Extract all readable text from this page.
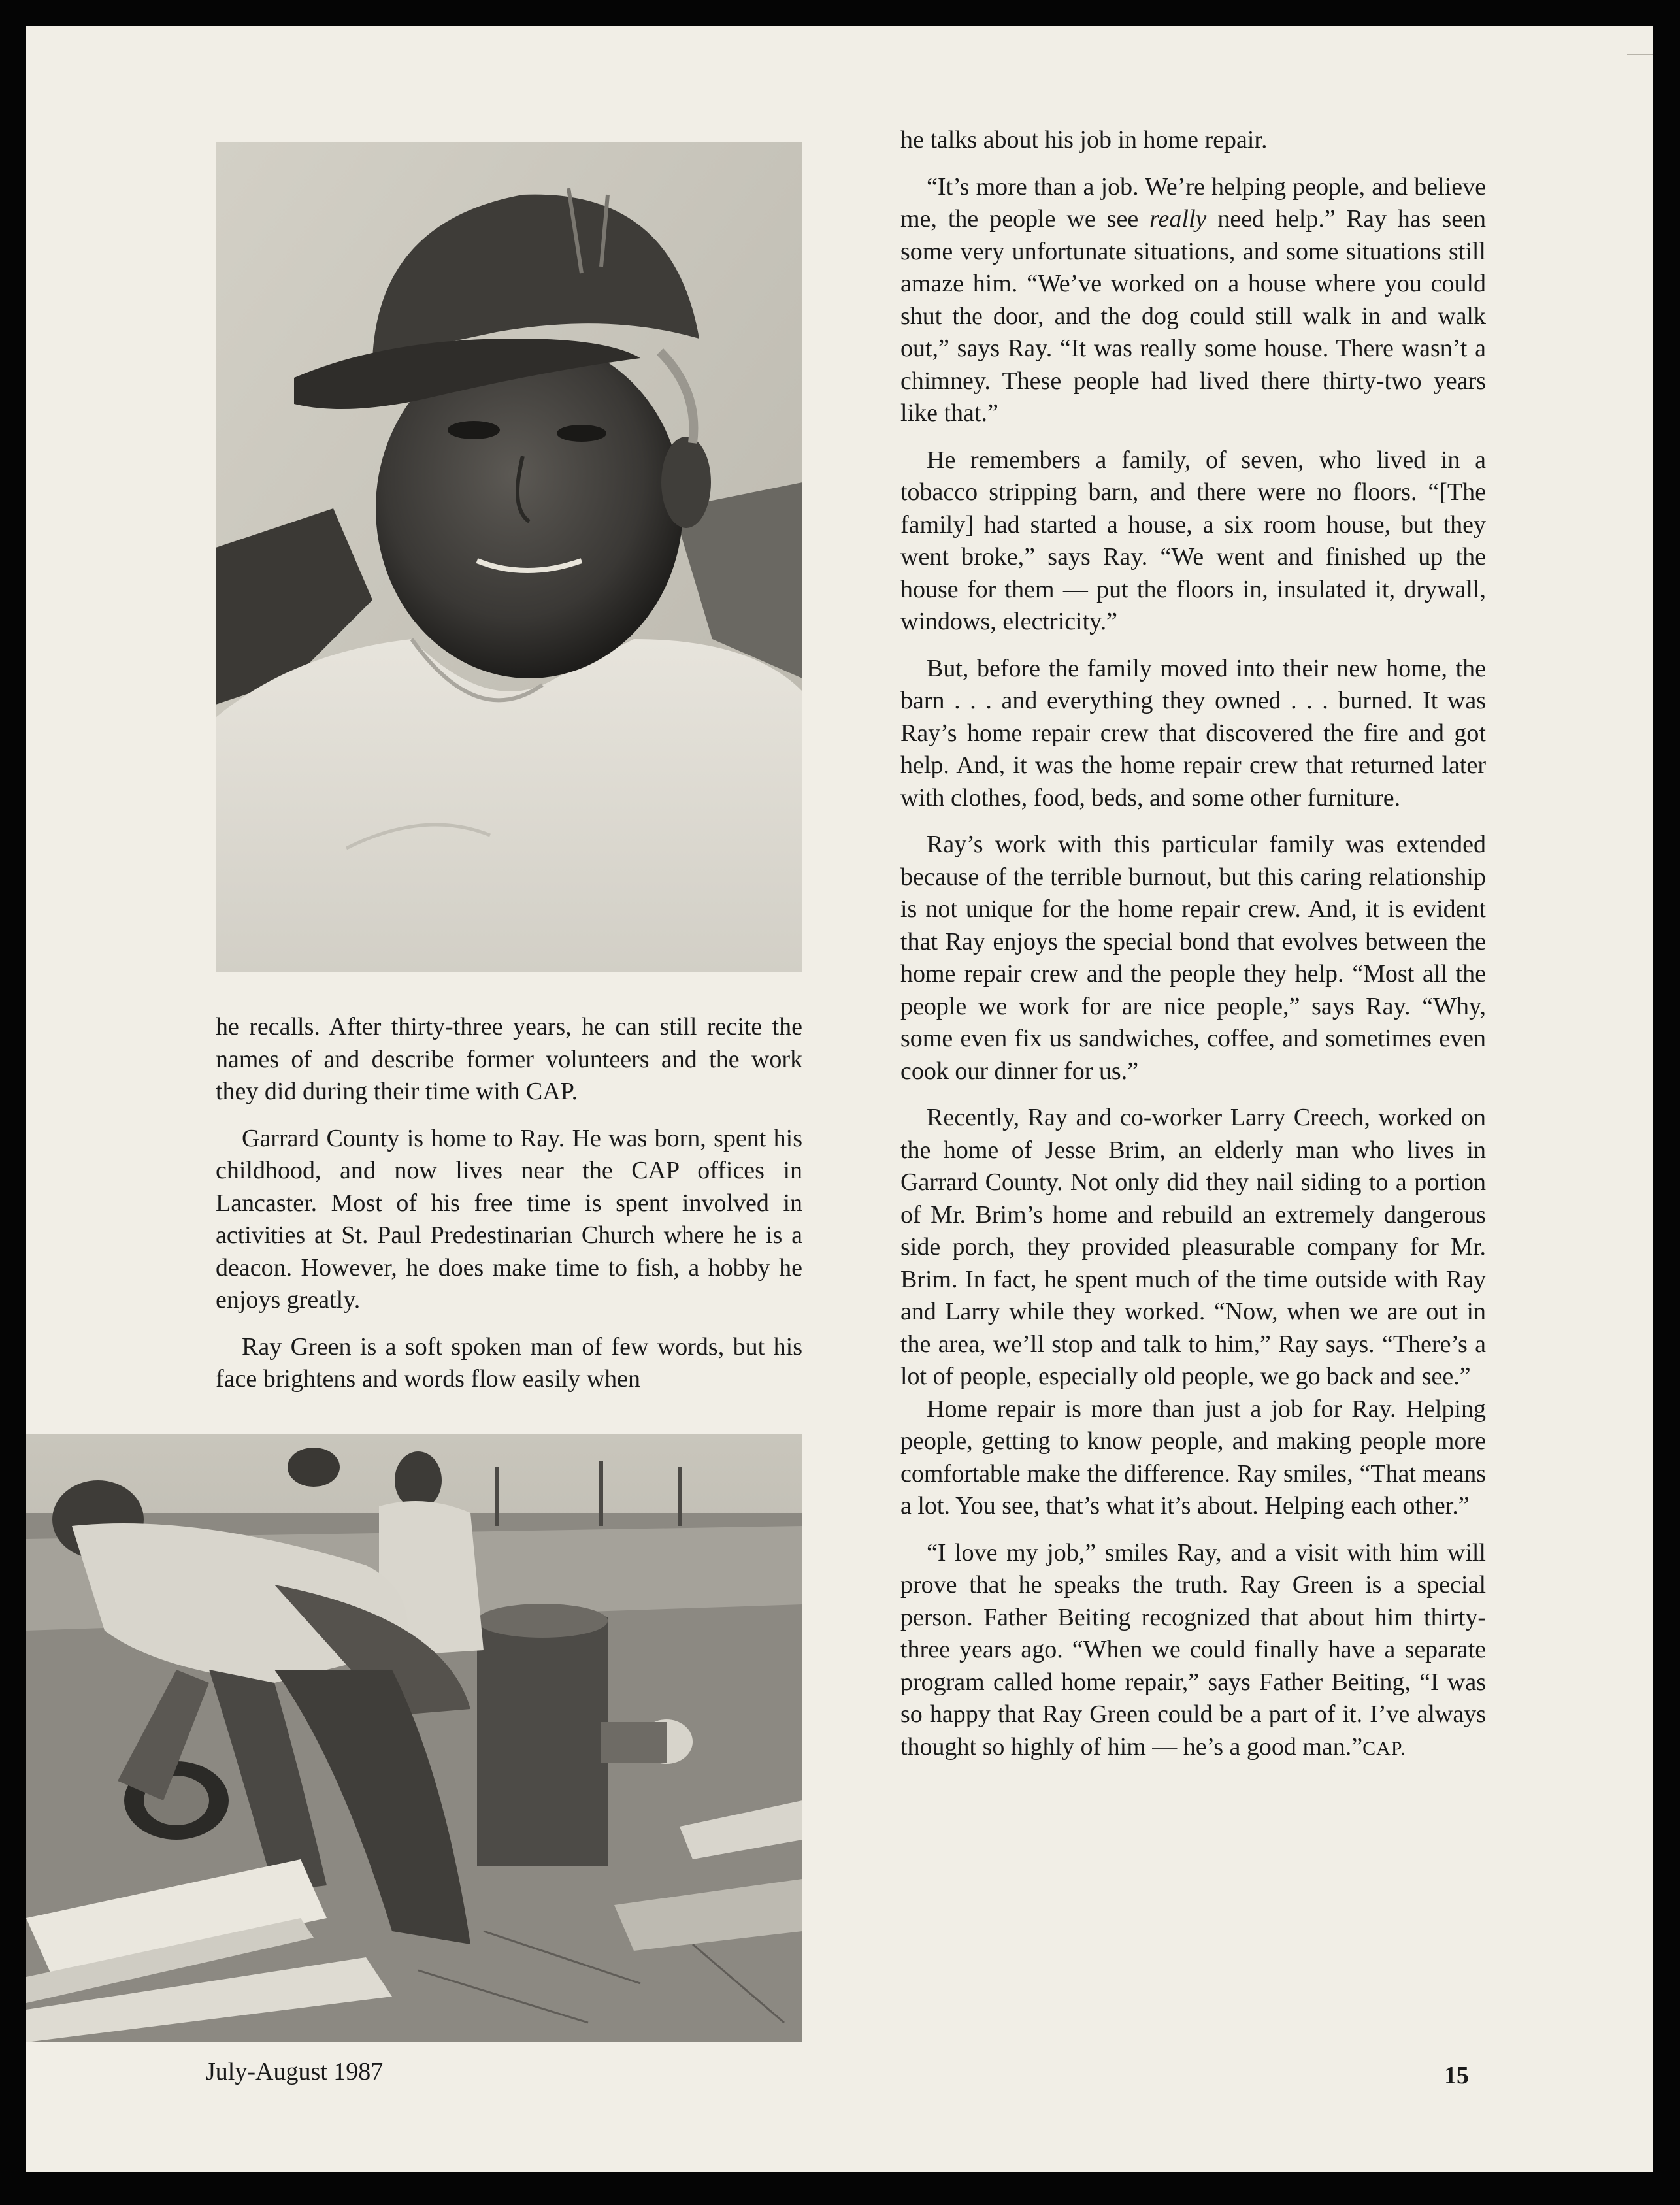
he recalls. After thirty-three years, he can still recite the names of and describe former volunteers and the work they did during their time with CAP.

Garrard County is home to Ray. He was born, spent his childhood, and now lives near the CAP offices in Lancaster. Most of his free time is spent involved in activities at St. Paul Predestinarian Church where he is a deacon. However, he does make time to fish, a hobby he enjoys greatly.

Ray Green is a soft spoken man of few words, but his face brightens and words flow easily when

he talks about his job in home repair.

“It’s more than a job. We’re helping people, and believe me, the people we see really need help.” Ray has seen some very unfortunate situations, and some situations still amaze him. “We’ve worked on a house where you could shut the door, and the dog could still walk in and walk out,” says Ray. “It was really some house. There wasn’t a chimney. These people had lived there thirty-two years like that.”

He remembers a family, of seven, who lived in a tobacco stripping barn, and there were no floors. “[The family] had started a house, a six room house, but they went broke,” says Ray. “We went and finished up the house for them — put the floors in, insulated it, drywall, windows, electricity.”

But, before the family moved into their new home, the barn . . . and everything they owned . . . burned. It was Ray’s home repair crew that discovered the fire and got help. And, it was the home repair crew that returned later with clothes, food, beds, and some other furniture.

Ray’s work with this particular family was extended because of the terrible burnout, but this caring relationship is not unique for the home repair crew. And, it is evident that Ray enjoys the special bond that evolves between the home repair crew and the people they help. “Most all the people we work for are nice people,” says Ray. “Why, some even fix us sandwiches, coffee, and sometimes even cook our dinner for us.”

Recently, Ray and co-worker Larry Creech, worked on the home of Jesse Brim, an elderly man who lives in Garrard County. Not only did they nail siding to a portion of Mr. Brim’s home and rebuild an extremely dangerous side porch, they provided pleasurable company for Mr. Brim. In fact, he spent much of the time outside with Ray and Larry while they worked. “Now, when we are out in the area, we’ll stop and talk to him,” Ray says. “There’s a lot of people, especially old people, we go back and see.”

Home repair is more than just a job for Ray. Helping people, getting to know people, and making people more comfortable make the difference. Ray smiles, “That means a lot. You see, that’s what it’s about. Helping each other.”

“I love my job,” smiles Ray, and a visit with him will prove that he speaks the truth. Ray Green is a special person. Father Beiting recognized that about him thirty-three years ago. “When we could finally have a separate program called home repair,” says Father Beiting, “I was so happy that Ray Green could be a part of it. I’ve always thought so highly of him — he’s a good man.”CAP.

July-August 1987	15
